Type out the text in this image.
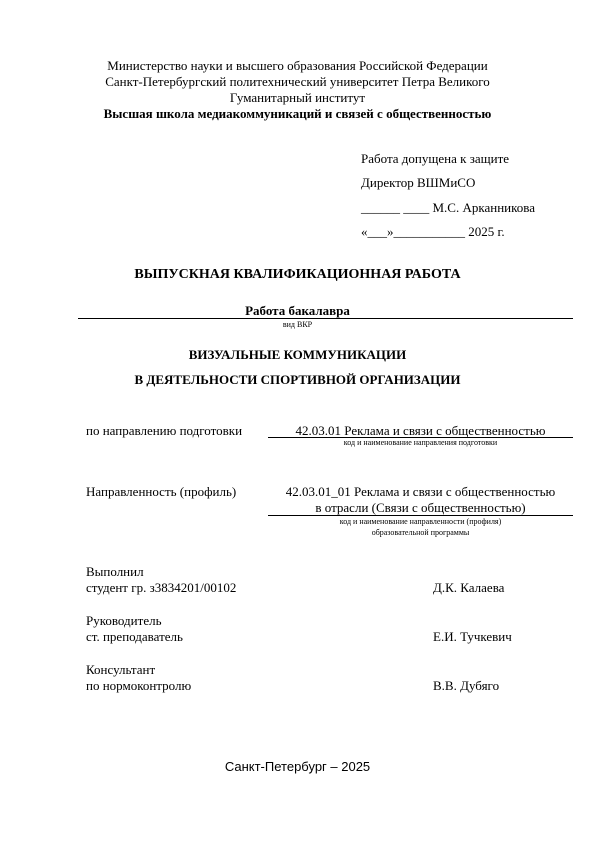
Министерство науки и высшего образования Российской Федерации
Санкт-Петербургский политехнический университет Петра Великого
Гуманитарный институт
Высшая школа медиакоммуникаций и связей с общественностью
Работа допущена к защите
Директор ВШМиСО
______ ____ М.С. Арканникова
«___»___________ 2025 г.
ВЫПУСКНАЯ КВАЛИФИКАЦИОННАЯ РАБОТА
Работа бакалавра
вид ВКР
ВИЗУАЛЬНЫЕ КОММУНИКАЦИИ
В ДЕЯТЕЛЬНОСТИ СПОРТИВНОЙ ОРГАНИЗАЦИИ
по направлению подготовки	42.03.01 Реклама и связи с общественностью
код и наименование направления подготовки
Направленность (профиль)	42.03.01_01 Реклама и связи с общественностью
в отрасли (Связи с общественностью)
код и наименование направленности (профиля)
образовательной программы
Выполнил
студент гр. з3834201/00102	Д.К. Калаева
Руководитель
ст. преподаватель	Е.И. Тучкевич
Консультант
по нормоконтролю	В.В. Дубяго
Санкт-Петербург – 2025
